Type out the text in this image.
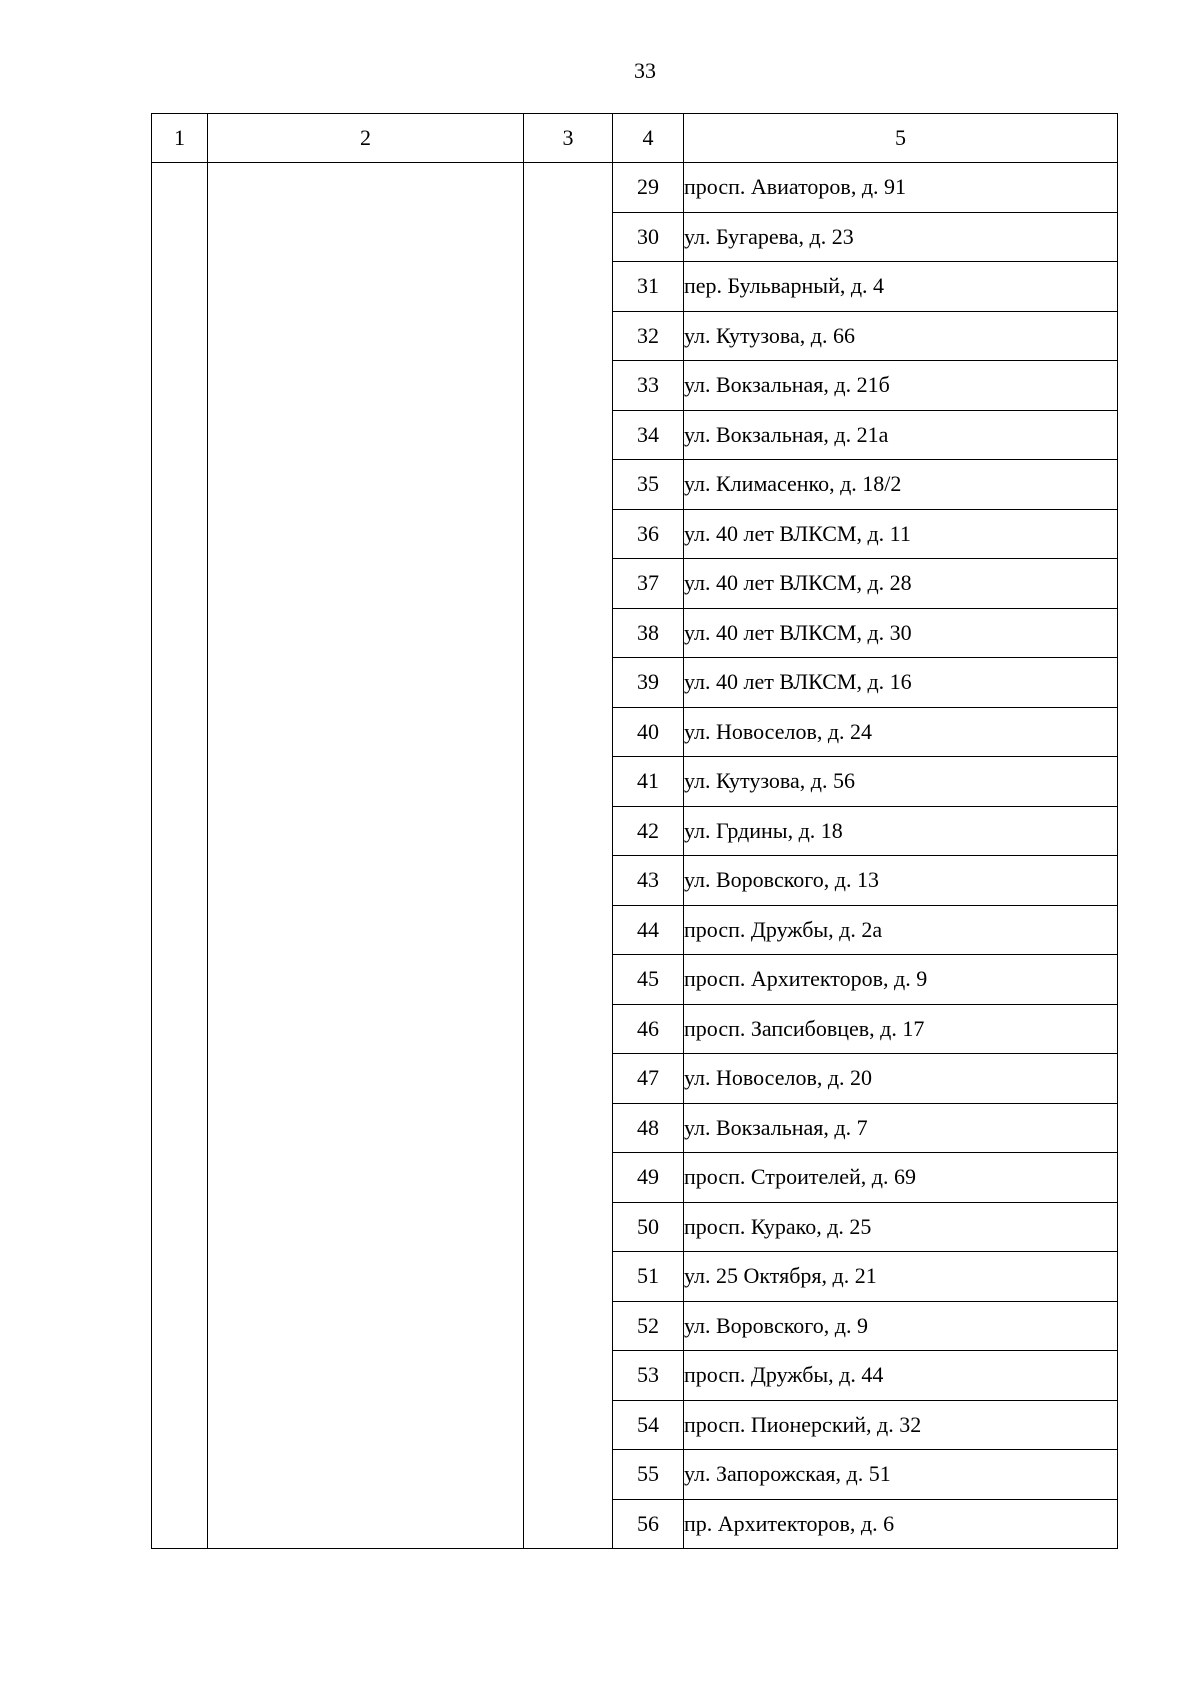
33
1	2	3	4	5
			29	просп. Авиаторов, д. 91
			30	ул. Бугарева, д. 23
			31	пер. Бульварный, д. 4
			32	ул. Кутузова, д. 66
			33	ул. Вокзальная, д. 21б
			34	ул. Вокзальная, д. 21а
			35	ул. Климасенко, д. 18/2
			36	ул. 40 лет ВЛКСМ, д. 11
			37	ул. 40 лет ВЛКСМ, д. 28
			38	ул. 40 лет ВЛКСМ, д. 30
			39	ул. 40 лет ВЛКСМ, д. 16
			40	ул. Новоселов, д. 24
			41	ул. Кутузова, д. 56
			42	ул. Грдины, д. 18
			43	ул. Воровского, д. 13
			44	просп. Дружбы, д. 2а
			45	просп. Архитекторов, д. 9
			46	просп. Запсибовцев, д. 17
			47	ул. Новоселов, д. 20
			48	ул. Вокзальная, д. 7
			49	просп. Строителей, д. 69
			50	просп. Курако, д. 25
			51	ул. 25 Октября, д. 21
			52	ул. Воровского, д. 9
			53	просп. Дружбы, д. 44
			54	просп. Пионерский, д. 32
			55	ул. Запорожская, д. 51
			56	пр. Архитекторов, д. 6
